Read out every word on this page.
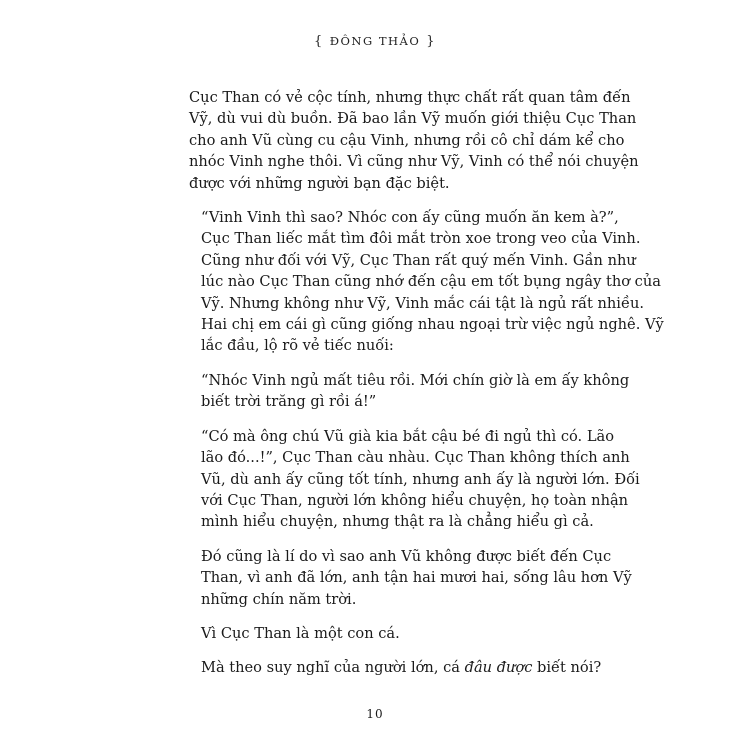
{ ĐÔNG THẢO }

Cục Than có vẻ cộc tính, nhưng thực chất rất quan tâm đến
Vỹ, dù vui dù buồn. Đã bao lần Vỹ muốn giới thiệu Cục Than
cho anh Vũ cùng cu cậu Vinh, nhưng rồi cô chỉ dám kể cho
nhóc Vinh nghe thôi. Vì cũng như Vỹ, Vinh có thể nói chuyện
được với những người bạn đặc biệt.

“Vinh Vinh thì sao? Nhóc con ấy cũng muốn ăn kem à?”,
Cục Than liếc mắt tìm đôi mắt tròn xoe trong veo của Vinh.
Cũng như đối với Vỹ, Cục Than rất quý mến Vinh. Gần như
lúc nào Cục Than cũng nhớ đến cậu em tốt bụng ngây thơ của
Vỹ. Nhưng không như Vỹ, Vinh mắc cái tật là ngủ rất nhiều.
Hai chị em cái gì cũng giống nhau ngoại trừ việc ngủ nghê. Vỹ
lắc đầu, lộ rõ vẻ tiếc nuối:

“Nhóc Vinh ngủ mất tiêu rồi. Mới chín giờ là em ấy không
biết trời trăng gì rồi á!”

“Có mà ông chú Vũ già kia bắt cậu bé đi ngủ thì có. Lão
lão đó...!”, Cục Than càu nhàu. Cục Than không thích anh
Vũ, dù anh ấy cũng tốt tính, nhưng anh ấy là người lớn. Đối
với Cục Than, người lớn không hiểu chuyện, họ toàn nhận
mình hiểu chuyện, nhưng thật ra là chẳng hiểu gì cả.

Đó cũng là lí do vì sao anh Vũ không được biết đến Cục
Than, vì anh đã lớn, anh tận hai mươi hai, sống lâu hơn Vỹ
những chín năm trời.

Vì Cục Than là một con cá.

Mà theo suy nghĩ của người lớn, cá đâu được biết nói?

10
